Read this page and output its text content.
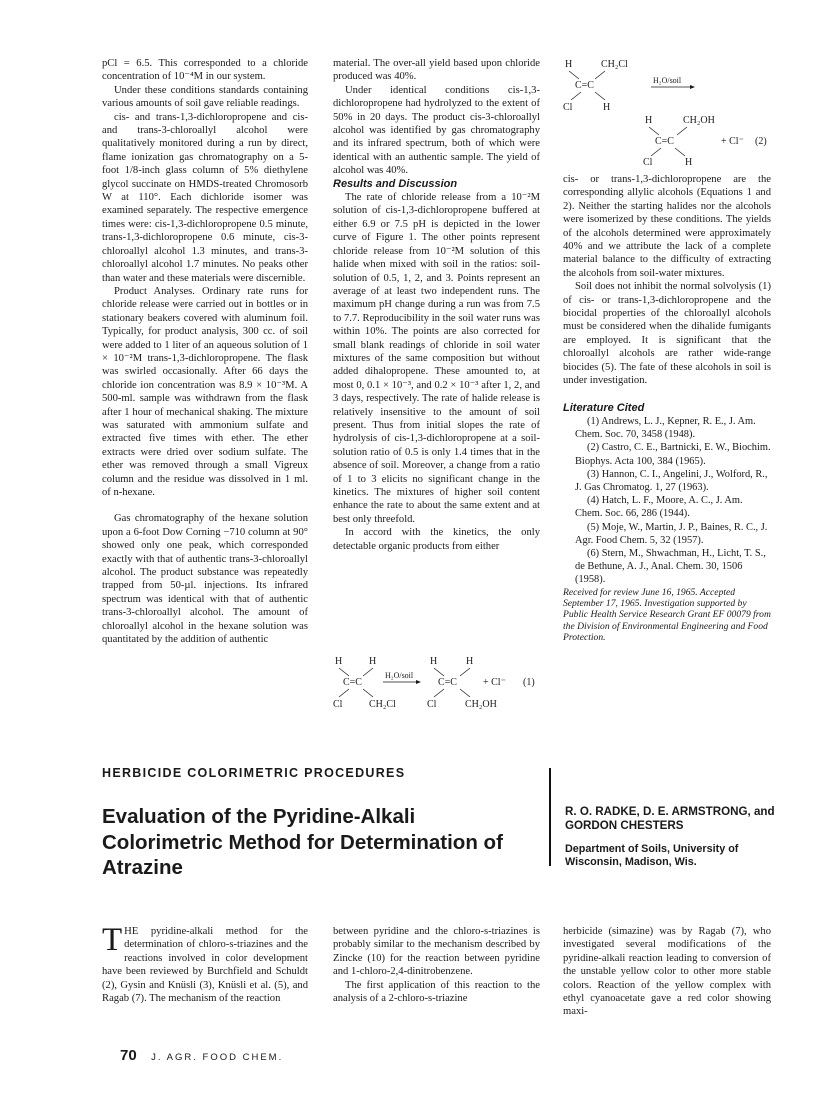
pCl = 6.5. This corresponded to a chloride concentration of 10⁻⁴M in our system.

Under these conditions standards containing various amounts of soil gave reliable readings.

cis- and trans-1,3-dichloropropene and cis- and trans-3-chloroallyl alcohol were qualitatively monitored during a run by direct, flame ionization gas chromatography on a 5-foot 1/8-inch glass column of 5% diethylene glycol succinate on HMDS-treated Chromosorb W at 110°. Each dichloride isomer was examined separately. The respective emergence times were: cis-1,3-dichloropropene 0.5 minute, trans-1,3-dichloropropene 0.6 minute, cis-3-chloroallyl alcohol 1.3 minutes, and trans-3-chloroallyl alcohol 1.7 minutes. No peaks other than water and these materials were discernible.

Product Analyses. Ordinary rate runs for chloride release were carried out in bottles or in stationary beakers covered with aluminum foil. Typically, for product analysis, 300 cc. of soil were added to 1 liter of an aqueous solution of 1 × 10⁻²M trans-1,3-dichloropropene. The flask was swirled occasionally. After 66 days the chloride ion concentration was 8.9 × 10⁻³M. A 500-ml. sample was withdrawn from the flask after 1 hour of mechanical shaking. The mixture was saturated with ammonium sulfate and extracted five times with ether. The ether extracts were dried over sodium sulfate. The ether was removed through a small Vigreux column and the residue was dissolved in 1 ml. of n-hexane.

Gas chromatography of the hexane solution upon a 6-foot Dow Corning −710 column at 90° showed only one peak, which corresponded exactly with that of authentic trans-3-chloroallyl alcohol. The product substance was repeatedly trapped from 50-µl. injections. Its infrared spectrum was identical with that of authentic trans-3-chloroallyl alcohol. The amount of chloroallyl alcohol in the hexane solution was quantitated by the addition of authentic

material. The over-all yield based upon chloride produced was 40%.

Under identical conditions cis-1,3-dichloropropene had hydrolyzed to the extent of 50% in 20 days. The product cis-3-chloroallyl alcohol was identified by gas chromatography and its infrared spectrum, both of which were identical with an authentic sample. The yield of alcohol was 40%.

Results and Discussion

The rate of chloride release from a 10⁻²M solution of cis-1,3-dichloropropene buffered at either 6.9 or 7.5 pH is depicted in the lower curve of Figure 1. The other points represent chloride release from 10⁻²M solution of this halide when mixed with soil in the ratios: soil-solution of 0.5, 1, 2, and 3. Points represent an average of at least two independent runs. The maximum pH change during a run was from 7.5 to 7.7. Reproducibility in the soil water runs was within 10%. The points are also corrected for small blank readings of chloride in soil water mixtures of the same composition but without added dihalopropene. These amounted to, at most 0, 0.1 × 10⁻³, and 0.2 × 10⁻³ after 1, 2, and 3 days, respectively. The rate of halide release is relatively insensitive to the amount of soil present. Thus from initial slopes the rate of hydrolysis of cis-1,3-dichloropropene at a soil-solution ratio of 0.5 is only 1.4 times that in the absence of soil. Moreover, a change from a ratio of 1 to 3 elicits no significant change in the kinetics. The mixtures of higher soil content enhance the rate to about the same extent and at best only threefold.

In accord with the kinetics, the only detectable organic products from either

H	H
C=C
Cl	CH₂Cl
H₂O/soil
H	H
C=C
Cl	CH₂OH
+ Cl⁻ (1)
H	CH₂Cl
C=C
Cl	H
H₂O/soil
H	CH₂OH
C=C
Cl	H
+ Cl⁻ (2)

cis- or trans-1,3-dichloropropene are the corresponding allylic alcohols (Equations 1 and 2). Neither the starting halides nor the alcohols were isomerized by these conditions. The yields of the alcohols determined were approximately 40% and we attribute the lack of a complete material balance to the difficulty of extracting the alcohols from soil-water mixtures.

Soil does not inhibit the normal solvolysis (1) of cis- or trans-1,3-dichloropropene and the biocidal properties of the chloroallyl alcohols must be considered when the dihalide fumigants are employed. It is significant that the chloroallyl alcohols are rather wide-range biocides (5). The fate of these alcohols in soil is under investigation.

Literature Cited

(1) Andrews, L. J., Kepner, R. E., J. Am. Chem. Soc. 70, 3458 (1948).

(2) Castro, C. E., Bartnicki, E. W., Biochim. Biophys. Acta 100, 384 (1965).

(3) Hannon, C. I., Angelini, J., Wolford, R., J. Gas Chromatog. 1, 27 (1963).

(4) Hatch, L. F., Moore, A. C., J. Am. Chem. Soc. 66, 286 (1944).

(5) Moje, W., Martin, J. P., Baines, R. C., J. Agr. Food Chem. 5, 32 (1957).

(6) Stern, M., Shwachman, H., Licht, T. S., de Bethune, A. J., Anal. Chem. 30, 1506 (1958).

Received for review June 16, 1965. Accepted September 17, 1965. Investigation supported by Public Health Service Research Grant EF 00079 from the Division of Environmental Engineering and Food Protection.

HERBICIDE COLORIMETRIC PROCEDURES
Evaluation of the Pyridine-Alkali Colorimetric Method for Determination of Atrazine
R. O. RADKE, D. E. ARMSTRONG, and GORDON CHESTERS
Department of Soils, University of Wisconsin, Madison, Wis.

THE pyridine-alkali method for the determination of chloro-s-triazines and the reactions involved in color development have been reviewed by Burchfield and Schuldt (2), Gysin and Knüsli (3), Knüsli et al. (5), and Ragab (7). The mechanism of the reaction

between pyridine and the chloro-s-triazines is probably similar to the mechanism described by Zincke (10) for the reaction between pyridine and 1-chloro-2,4-dinitrobenzene.

The first application of this reaction to the analysis of a 2-chloro-s-triazine

herbicide (simazine) was by Ragab (7), who investigated several modifications of the pyridine-alkali reaction leading to conversion of the unstable yellow color to other more stable colors. Reaction of the yellow complex with ethyl cyanoacetate gave a red color showing maxi-

70 J. AGR. FOOD CHEM.
